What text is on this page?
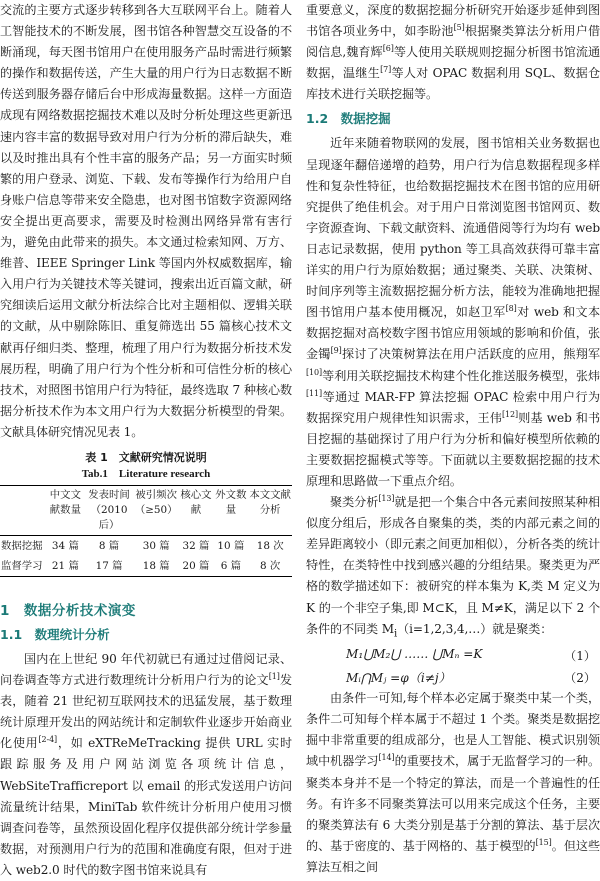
交流的主要方式逐步转移到各大互联网平台上。随着人工智能技术的不断发展，图书馆各种智慧交互设备的不断涌现，每天图书馆用户在使用服务产品时需进行频繁的操作和数据传送，产生大量的用户行为日志数据不断传送到服务器存储后台中形成海量数据。这样一方面造成现有网络数据挖掘技术难以及时分析处理这些更新迅速内容丰富的数据导致对用户行为分析的滞后缺失，难以及时推出具有个性丰富的服务产品；另一方面实时频繁的用户登录、浏览、下载、发布等操作行为给用户自身账户信息等带来安全隐患，也对图书馆数字资源网络安全提出更高要求，需要及时检测出网络异常有害行为，避免由此带来的损失。本文通过检索知网、万方、维普、IEEE Springer Link 等国内外权威数据库，输入用户行为关键技术等关键词，搜索出近百篇文献，研究细读后运用文献分析法综合比对主题相似、逻辑关联的文献，从中剔除陈旧、重复筛选出 55 篇核心技术文献再仔细归类、整理，梳理了用户行为数据分析技术发展历程，明确了用户行为个性分析和可信性分析的核心技术，对照图书馆用户行为特征，最终选取 7 种核心数据分析技术作为本文用户行为大数据分析模型的骨架。文献具体研究情况见表 1。

表 1　文献研究情况说明
Tab.1　Literature research
	中文文献数量	发表时间（2010后）	被引频次（≥50）	核心文献	外文数量	本文文献分析
数据挖掘	34 篇	8 篇	30 篇	32 篇	10 篇	18 次
监督学习	21 篇	17 篇	18 篇	20 篇	6 篇	8 次
1　数据分析技术演变
1.1　数理统计分析

国内在上世纪 90 年代初就已有通过过借阅记录、问卷调查等方式进行数理统计分析用户行为的论文[1]发表，随着 21 世纪初互联网技术的迅猛发展，基于数理统计原理开发出的网站统计和定制软件业逐步开始商业化使用[2-4]，如 eXTReMeTracking 提供 URL 实时跟踪服务及用户网站浏览各项统计信息，WebSiteTrafficreport 以 email 的形式发送用户访问流量统计结果，MiniTab 软件统计分析用户使用习惯调查问卷等，虽然预设固化程序仅提供部分统计学参量数据，对预测用户行为的范围和准确度有限，但对于进入 web2.0 时代的数字图书馆来说具有

重要意义，深度的数据挖掘分析研究开始逐步延伸到图书馆各项业务中，如李盼池[5]根据聚类算法分析用户借阅信息,魏育辉[6]等人使用关联规则挖掘分析图书馆流通数据，温继生[7]等人对 OPAC 数据利用 SQL、数据仓库技术进行关联挖掘等。

1.2　数据挖掘

近年来随着物联网的发展，图书馆相关业务数据也呈现逐年翻倍递增的趋势，用户行为信息数据程现多样性和复杂性特征，也给数据挖掘技术在图书馆的应用研究提供了绝佳机会。对于用户日常浏览图书馆网页、数字资源查询、下载文献资料、流通借阅等行为均有 web 日志记录数据，使用 python 等工具高效获得可靠丰富详实的用户行为原始数据；通过聚类、关联、决策树、时间序列等主流数据挖掘分析方法，能较为准确地把握图书馆用户基本使用概况，如赵卫军[8]对 web 和文本数据挖掘对高校数字图书馆应用领域的影响和价值，张金镯[9]探讨了决策树算法在用户活跃度的应用，熊翔军[10]等利用关联挖掘技术构建个性化推送服务模型，张炜[11]等通过 MAR-FP 算法挖掘 OPAC 检索中用户行为数据探究用户规律性知识需求，王伟[12]则基 web 和书目挖掘的基础探讨了用户行为分析和偏好模型所依赖的主要数据挖掘模式等等。下面就以主要数据挖掘的技术原理和思路做一下重点介绍。

聚类分析[13]就是把一个集合中各元素间按照某种相似度分组后，形成各自聚集的类，类的内部元素之间的差异距离较小（即元素之间更加相似），分析各类的统计特性，在类特性中找到感兴趣的分组结果。聚类更为严格的数学描述如下：被研究的样本集为 K,类 M 定义为 K 的一个非空子集,即 M⊂K，且 M≠K，满足以下 2 个条件的不同类 $M_i(i=1,2,3,4,\dots)$就是聚类：

M₁⋃M₂⋃ …… ⋃Mₙ =K	（1）
Mᵢ⋂Mⱼ =φ（i≠j）	（2）

由条件一可知,每个样本必定属于聚类中某一个类，条件二可知每个样本属于不超过 1 个类。聚类是数据挖掘中非常重要的组成部分，也是人工智能、模式识别领域中机器学习[14]的重要技术，属于无监督学习的一种。聚类本身并不是一个特定的算法，而是一个普遍性的任务。有许多不同聚类算法可以用来完成这个任务，主要的聚类算法有 6 大类分别是基于分割的算法、基于层次的、基于密度的、基于网格的、基于模型的[15]。但这些算法互相之间
